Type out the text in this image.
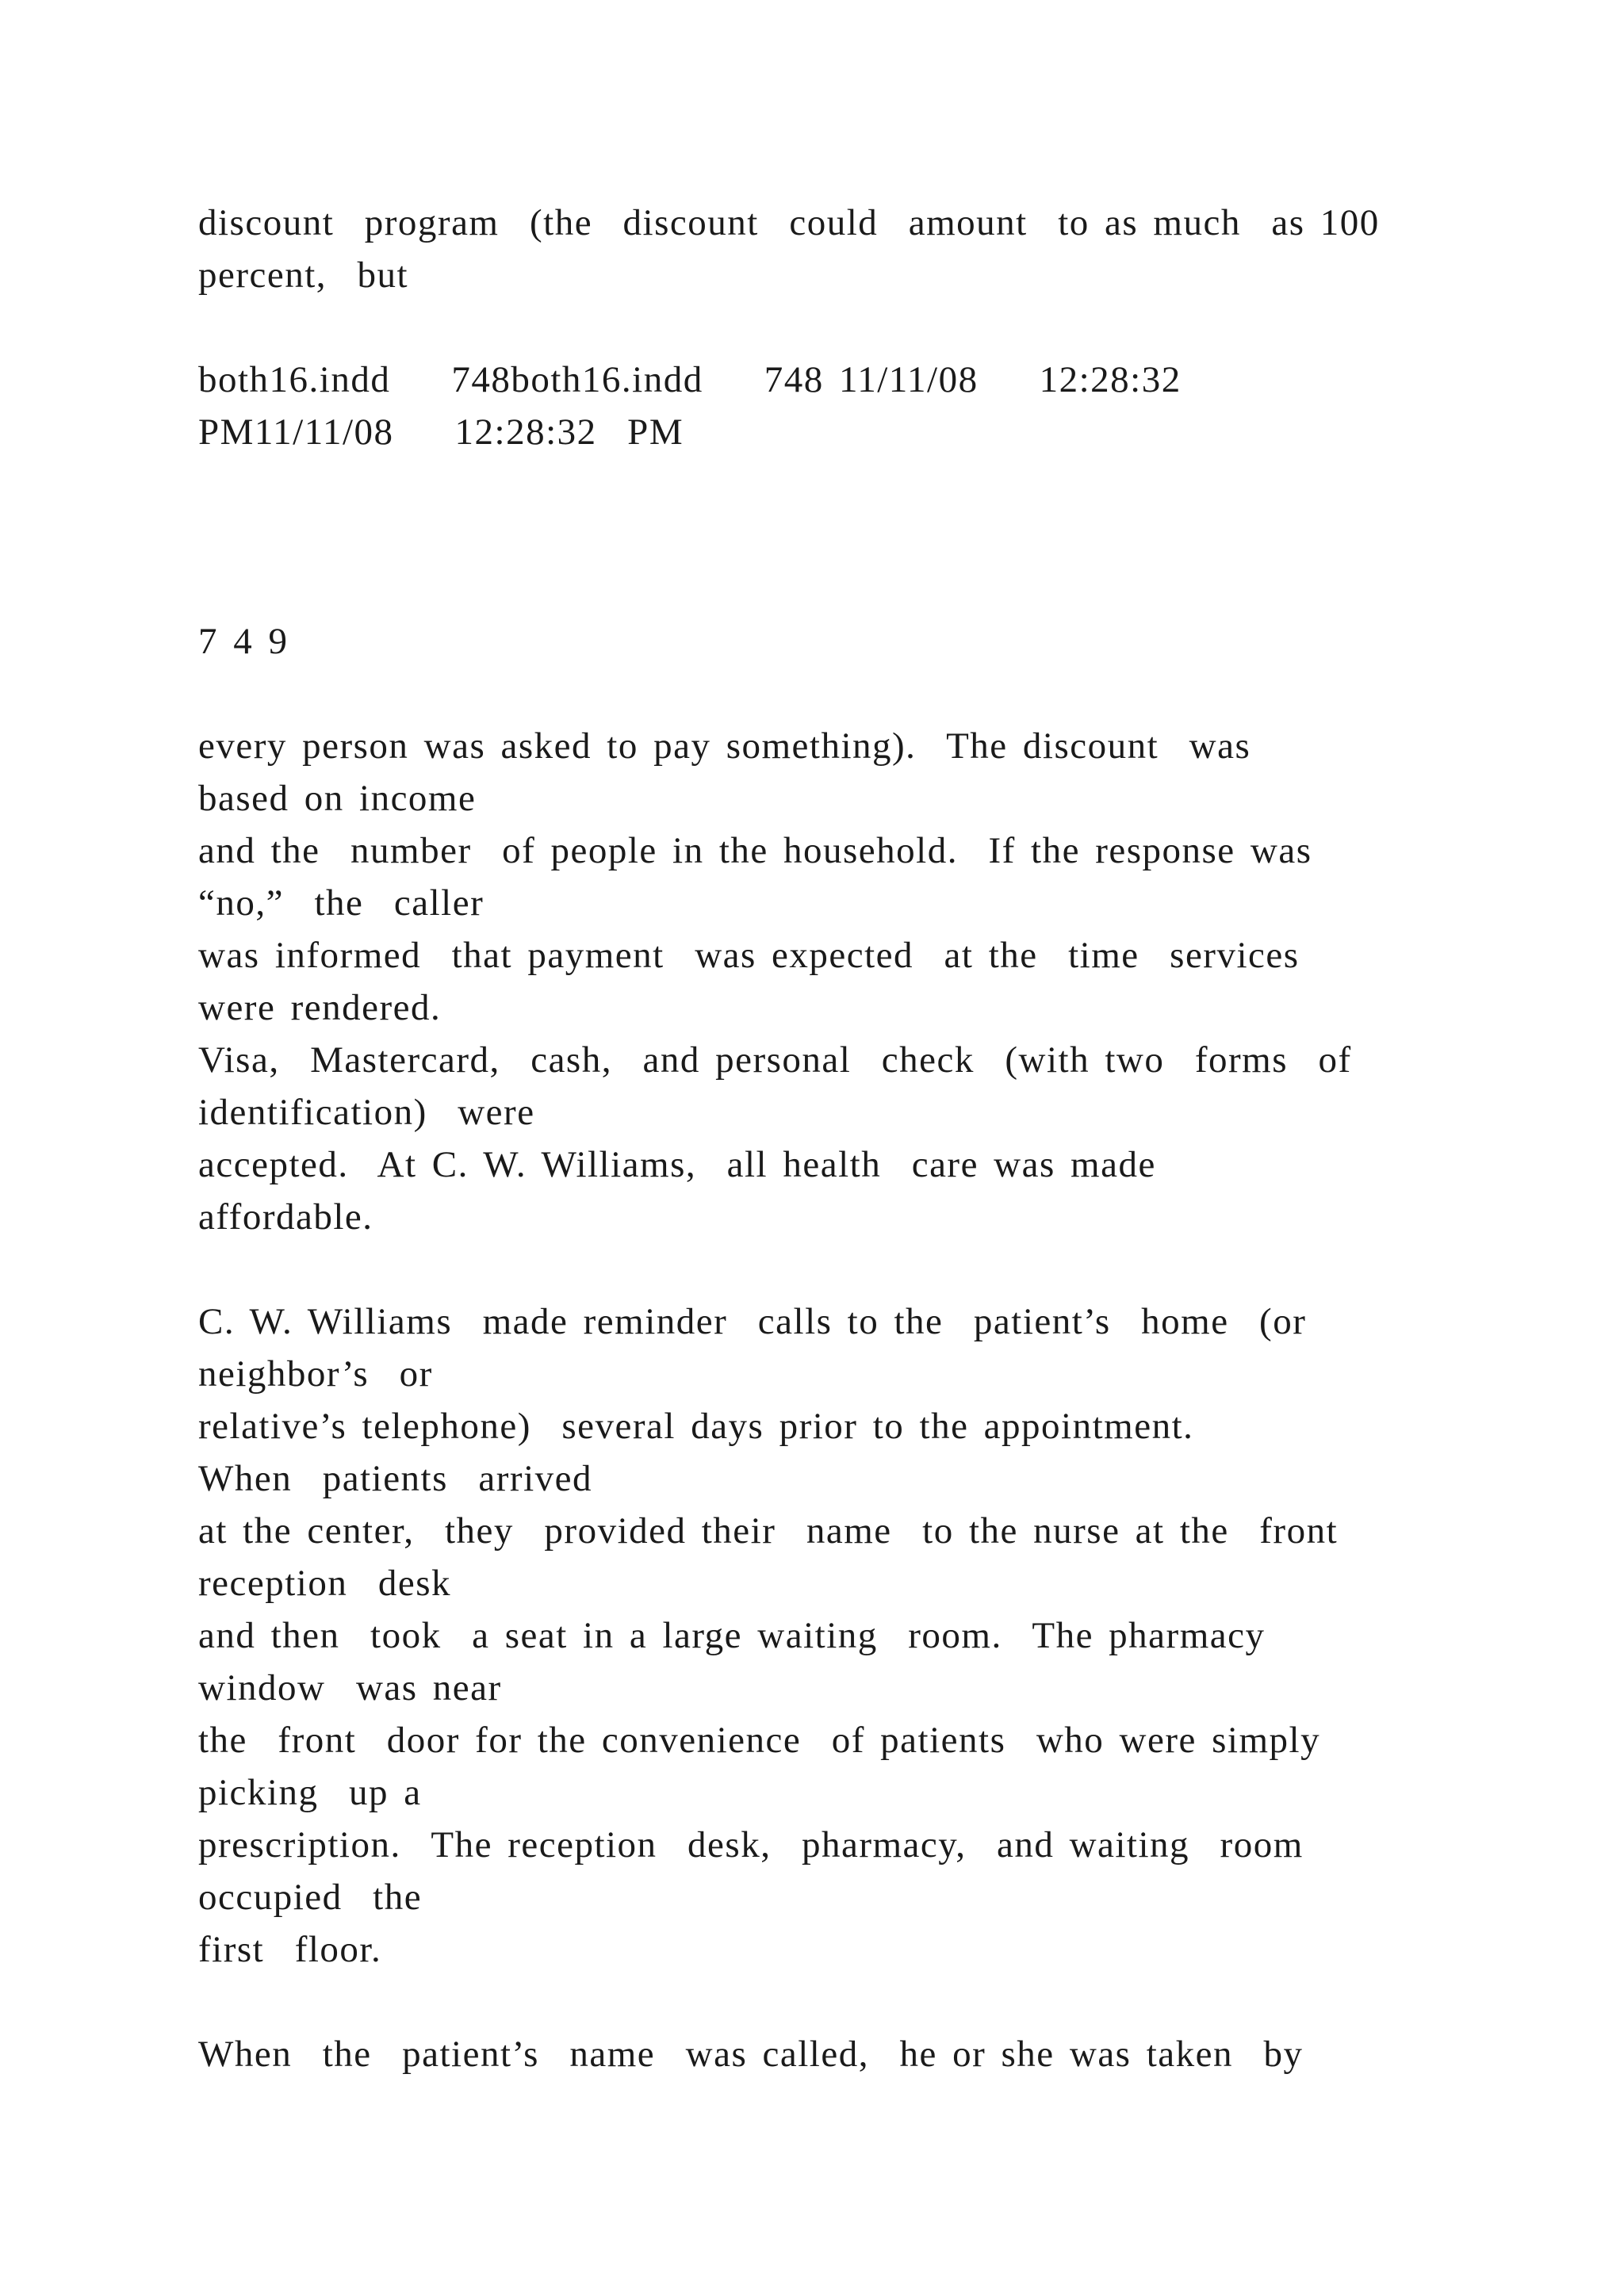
discount  program  (the  discount  could  amount  to as much  as 100
percent,  but
both16.indd    748both16.indd    748 11/11/08    12:28:32
PM11/11/08    12:28:32  PM
7 4 9
every person was asked to pay something).  The discount  was
based on income
and the  number  of people in the household.  If the response was
“no,”  the  caller
was informed  that payment  was expected  at the  time  services
were rendered.
Visa,  Mastercard,  cash,  and personal  check  (with two  forms  of
identification)  were
accepted.  At C. W. Williams,  all health  care was made
affordable.
C. W. Williams  made reminder  calls to the  patient’s  home  (or
neighbor’s  or
relative’s telephone)  several days prior to the appointment.
When  patients  arrived
at the center,  they  provided their  name  to the nurse at the  front
reception  desk
and then  took  a seat in a large waiting  room.  The pharmacy
window  was near
the  front  door for the convenience  of patients  who were simply
picking  up a
prescription.  The reception  desk,  pharmacy,  and waiting  room
occupied  the
first  floor.
When  the  patient’s  name  was called,  he or she was taken  by
